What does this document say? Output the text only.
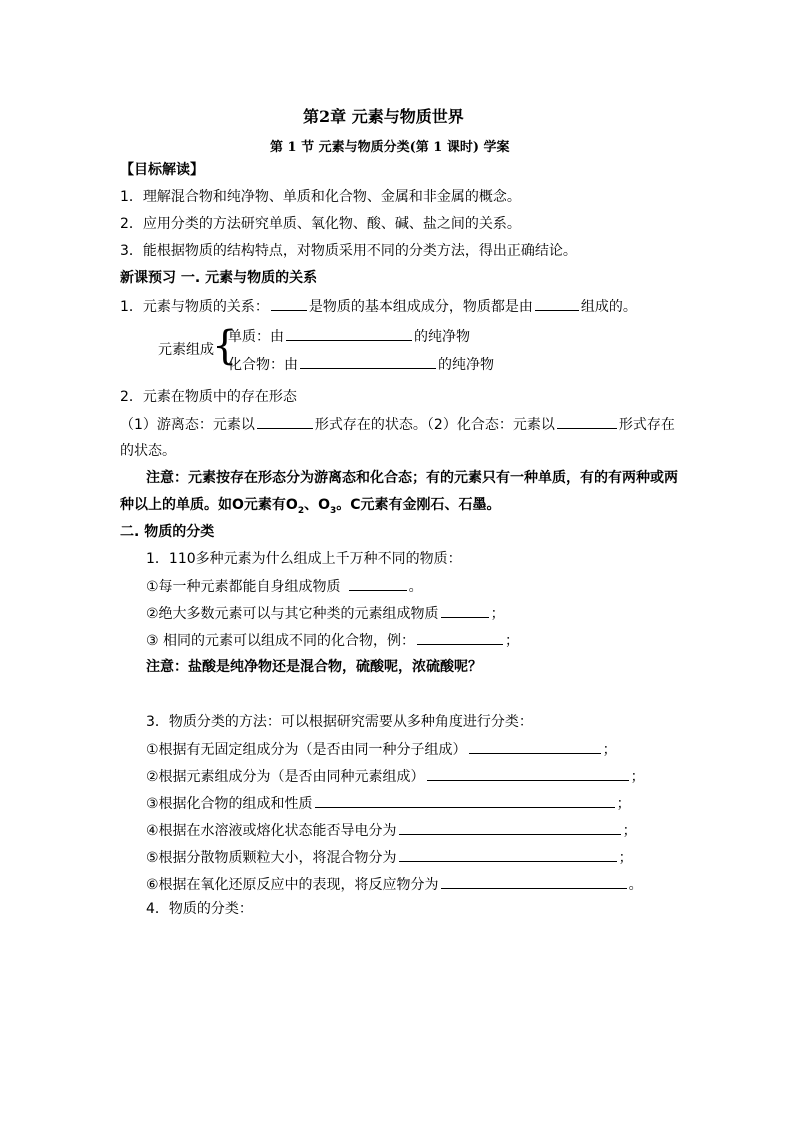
第2章 元素与物质世界
第 1 节 元素与物质分类(第 1 课时) 学案
【目标解读】
1．理解混合物和纯净物、单质和化合物、金属和非金属的概念。
2．应用分类的方法研究单质、氧化物、酸、碱、盐之间的关系。
3．能根据物质的结构特点，对物质采用不同的分类方法，得出正确结论。
新课预习 一. 元素与物质的关系
1．元素与物质的关系：	是物质的基本组成成分，物质都是由	组成的。
元素组成
{
单质：由	的纯净物
化合物：由	的纯净物
2．元素在物质中的存在形态
（1）游离态：元素以	形式存在的状态。（2）化合态：元素以	形式存在
的状态。
注意：元素按存在形态分为游离态和化合态；有的元素只有一种单质，有的有两种或两
种以上的单质。如O元素有$O_2$、$O_3$。C元素有金刚石、石墨。
二. 物质的分类
1．110多种元素为什么组成上千万种不同的物质：
①每一种元素都能自身组成物质	。
②绝大多数元素可以与其它种类的元素组成物质	；
③ 相同的元素可以组成不同的化合物，例：	；
注意：盐酸是纯净物还是混合物，硫酸呢，浓硫酸呢？
3．物质分类的方法：可以根据研究需要从多种角度进行分类：
①根据有无固定组成分为（是否由同一种分子组成）	；
②根据元素组成分为（是否由同种元素组成）	；
③根据化合物的组成和性质	；
④根据在水溶液或熔化状态能否导电分为	；
⑤根据分散物质颗粒大小，将混合物分为	；
⑥根据在氧化还原反应中的表现，将反应物分为	。
4．物质的分类：
